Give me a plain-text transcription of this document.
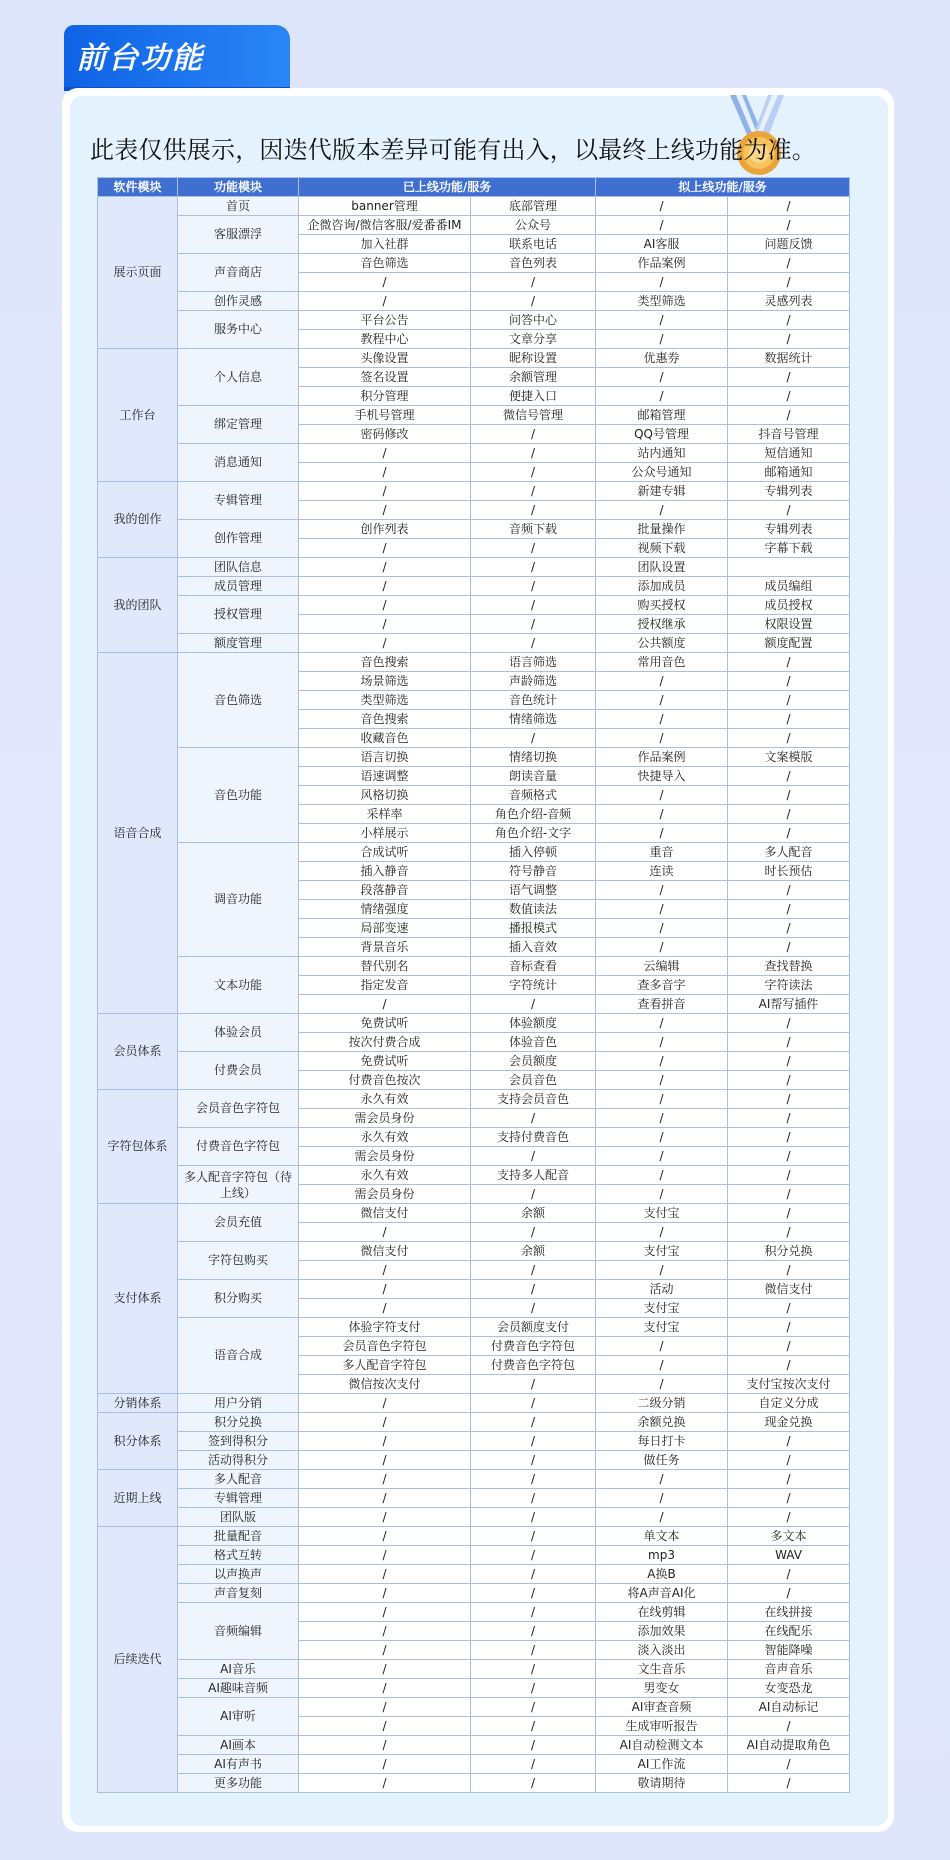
前台功能
此表仅供展示，因迭代版本差异可能有出入，以最终上线功能为准。
软件模块	功能模块	已上线功能/服务		拟上线功能/服务	
展示页面	首页	banner管理	底部管理	/	/
	客服漂浮	企微咨询/微信客服/爱番番IM	公众号	/	/
		加入社群	联系电话	AI客服	问题反馈
	声音商店	音色筛选	音色列表	作品案例	/
		/	/	/	/
	创作灵感	/	/	类型筛选	灵感列表
	服务中心	平台公告	问答中心	/	/
		教程中心	文章分享	/	/
工作台	个人信息	头像设置	昵称设置	优惠券	数据统计
		签名设置	余额管理	/	/
		积分管理	便捷入口	/	/
	绑定管理	手机号管理	微信号管理	邮箱管理	/
		密码修改	/	QQ号管理	抖音号管理
	消息通知	/	/	站内通知	短信通知
		/	/	公众号通知	邮箱通知
我的创作	专辑管理	/	/	新建专辑	专辑列表
		/	/	/	/
	创作管理	创作列表	音频下载	批量操作	专辑列表
		/	/	视频下载	字幕下载
我的团队	团队信息	/	/	团队设置	
	成员管理	/	/	添加成员	成员编组
	授权管理	/	/	购买授权	成员授权
		/	/	授权继承	权限设置
	额度管理	/	/	公共额度	额度配置
语音合成	音色筛选	音色搜索	语言筛选	常用音色	/
		场景筛选	声龄筛选	/	/
		类型筛选	音色统计	/	/
		音色搜索	情绪筛选	/	/
		收藏音色	/	/	/
	音色功能	语言切换	情绪切换	作品案例	文案模版
		语速调整	朗读音量	快捷导入	/
		风格切换	音频格式	/	/
		采样率	角色介绍-音频	/	/
		小样展示	角色介绍-文字	/	/
	调音功能	合成试听	插入停顿	重音	多人配音
		插入静音	符号静音	连读	时长预估
		段落静音	语气调整	/	/
		情绪强度	数值读法	/	/
		局部变速	播报模式	/	/
		背景音乐	插入音效	/	/
	文本功能	替代别名	音标查看	云编辑	查找替换
		指定发音	字符统计	查多音字	字符读法
		/	/	查看拼音	AI帮写插件
会员体系	体验会员	免费试听	体验额度	/	/
		按次付费合成	体验音色	/	/
	付费会员	免费试听	会员额度	/	/
		付费音色按次	会员音色	/	/
字符包体系	会员音色字符包	永久有效	支持会员音色	/	/
		需会员身份	/	/	/
	付费音色字符包	永久有效	支持付费音色	/	/
		需会员身份	/	/	/
	多人配音字符包（待上线）	永久有效	支持多人配音	/	/
		需会员身份	/	/	/
支付体系	会员充值	微信支付	余额	支付宝	/
		/	/	/	/
	字符包购买	微信支付	余额	支付宝	积分兑换
		/	/	/	/
	积分购买	/	/	活动	微信支付
		/	/	支付宝	/
	语音合成	体验字符支付	会员额度支付	支付宝	/
		会员音色字符包	付费音色字符包	/	/
		多人配音字符包	付费音色字符包	/	/
		微信按次支付	/	/	支付宝按次支付
分销体系	用户分销	/	/	二级分销	自定义分成
积分体系	积分兑换	/	/	余额兑换	现金兑换
	签到得积分	/	/	每日打卡	/
	活动得积分	/	/	做任务	/
近期上线	多人配音	/	/	/	/
	专辑管理	/	/	/	/
	团队版	/	/	/	/
后续迭代	批量配音	/	/	单文本	多文本
	格式互转	/	/	mp3	WAV
	以声换声	/	/	A换B	/
	声音复刻	/	/	将A声音AI化	/
	音频编辑	/	/	在线剪辑	在线拼接
		/	/	添加效果	在线配乐
		/	/	淡入淡出	智能降噪
	AI音乐	/	/	文生音乐	音声音乐
	AI趣味音频	/	/	男变女	女变恐龙
	AI审听	/	/	AI审查音频	AI自动标记
		/	/	生成审听报告	/
	AI画本	/	/	AI自动检测文本	AI自动提取角色
	AI有声书	/	/	AI工作流	/
	更多功能	/	/	敬请期待	/
